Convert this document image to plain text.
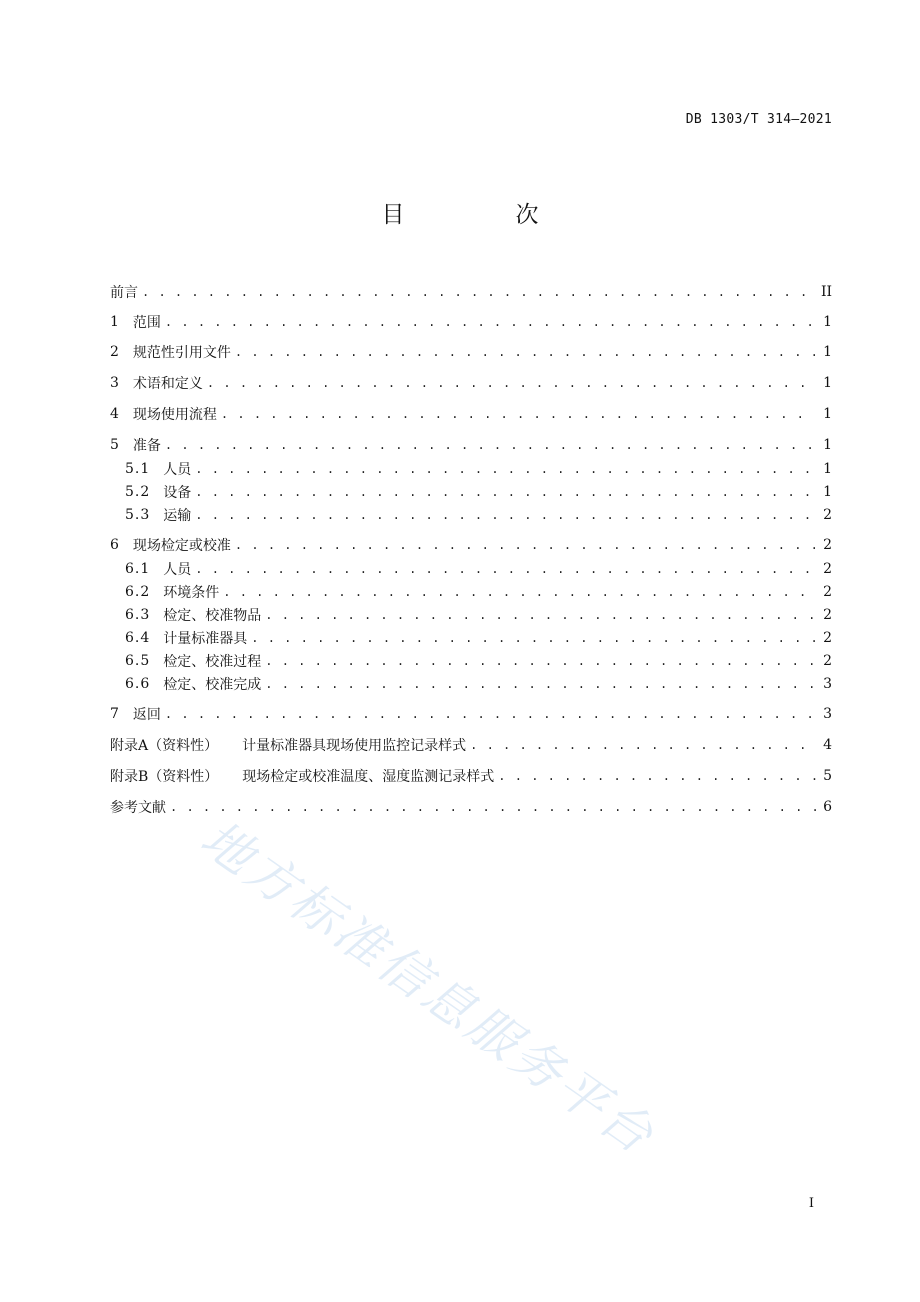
DB 1303/T 314—2021
目　次
前言 . . .	II
1 范围 . . .	1
2 规范性引用文件 . . .	1
3 术语和定义 . . .	1
4 现场使用流程 . . .	1
5 准备 . . .	1
5.1 人员 . . .	1
5.2 设备 . . .	1
5.3 运输 . . .	2
6 现场检定或校准 . . .	2
6.1 人员 . . .	2
6.2 环境条件 . . .	2
6.3 检定、校准物品 . . .	2
6.4 计量标准器具 . . .	2
6.5 检定、校准过程 . . .	2
6.6 检定、校准完成 . . .	3
7 返回 . . .	3
附录A（资料性） 计量标准器具现场使用监控记录样式 . . .	4
附录B（资料性） 现场检定或校准温度、湿度监测记录样式 . . .	5
参考文献 . . .	6
地方标准信息服务平台
I
